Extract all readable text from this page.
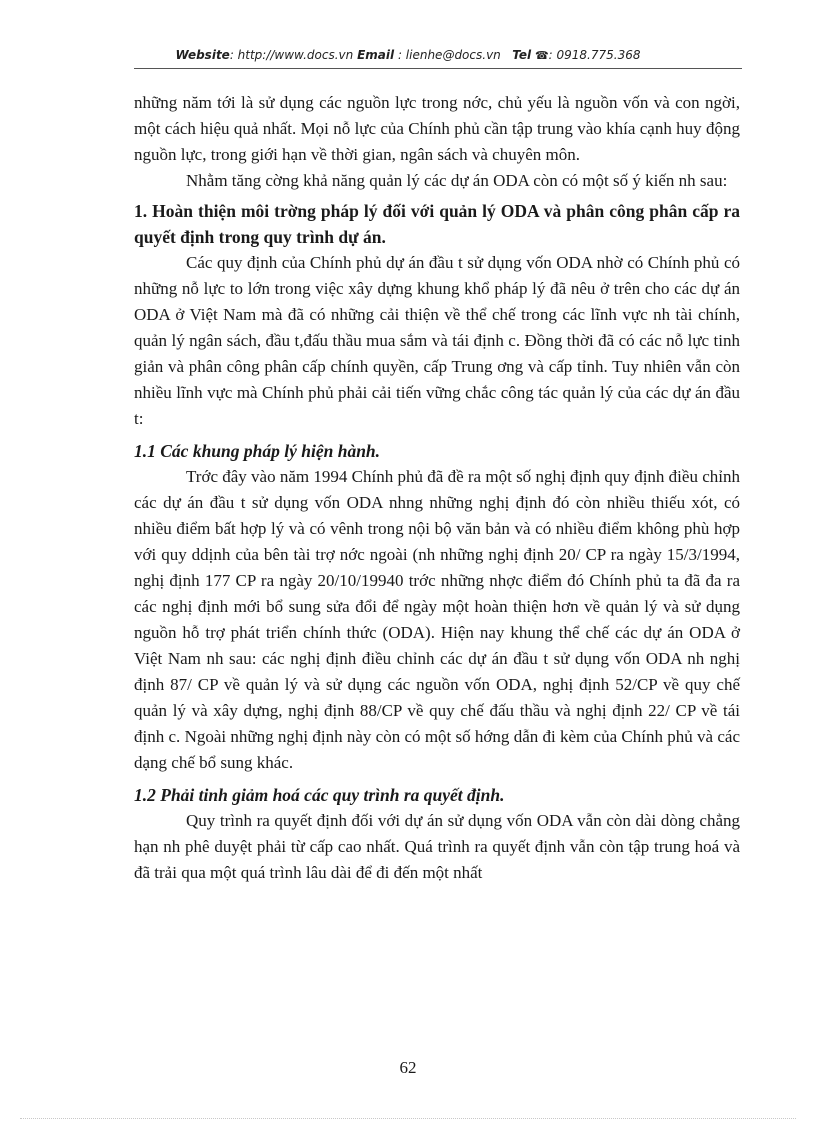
Website: http://www.docs.vn Email : lienhe@docs.vn Tel ☎: 0918.775.368

những năm tới là sử dụng các nguồn lực trong nớc, chủ yếu là nguồn vốn và con ngời, một cách hiệu quả nhất. Mọi nỗ lực của Chính phủ cần tập trung vào khía cạnh huy động nguồn lực, trong giới hạn về thời gian, ngân sách và chuyên môn.

Nhằm tăng cờng khả năng quản lý các dự án ODA còn có một số ý kiến nh sau:

1. Hoàn thiện môi trờng pháp lý đối với quản lý ODA và phân công phân cấp ra quyết định trong quy trình dự án.

Các quy định của Chính phủ dự án đầu t sử dụng vốn ODA nhờ có Chính phủ có những nỗ lực to lớn trong việc xây dựng khung khổ pháp lý đã nêu ở trên cho các dự án ODA ở Việt Nam mà đã có những cải thiện về thể chế trong các lĩnh vực nh tài chính, quản lý ngân sách, đầu t,đấu thầu mua sắm và tái định c. Đồng thời đã có các nỗ lực tinh giản và phân công phân cấp chính quyền, cấp Trung ơng và cấp tỉnh. Tuy nhiên vẫn còn nhiều lĩnh vực mà Chính phủ phải cải tiến vững chắc công tác quản lý của các dự án đầu t:

1.1 Các khung pháp lý hiện hành.

Trớc đây vào năm 1994 Chính phủ đã đề ra một số nghị định quy định điều chỉnh các dự án đầu t sử dụng vốn ODA nhng những nghị định đó còn nhiều thiếu xót, có nhiều điểm bất hợp lý và có vênh trong nội bộ văn bản và có nhiều điểm không phù hợp với quy ddịnh của bên tài trợ nớc ngoài (nh những nghị định 20/ CP ra ngày 15/3/1994, nghị định 177 CP ra ngày 20/10/19940 trớc những nhợc điểm đó Chính phủ ta đã đa ra các nghị định mới bổ sung sửa đổi để ngày một hoàn thiện hơn về quản lý và sử dụng nguồn hỗ trợ phát triển chính thức (ODA). Hiện nay khung thể chế các dự án ODA ở Việt Nam nh sau: các nghị định điều chỉnh các dự án đầu t sử dụng vốn ODA nh nghị định 87/ CP về quản lý và sử dụng các nguồn vốn ODA, nghị định 52/CP về quy chế quản lý và xây dựng, nghị định 88/CP về quy chế đấu thầu và nghị định 22/ CP về tái định c. Ngoài những nghị định này còn có một số hớng dẫn đi kèm của Chính phủ và các dạng chế bổ sung khác.

1.2 Phải tinh giảm hoá các quy trình ra quyết định.

Quy trình ra quyết định đối với dự án sử dụng vốn ODA vẫn còn dài dòng chẳng hạn nh phê duyệt phải từ cấp cao nhất. Quá trình ra quyết định vẫn còn tập trung hoá và đã trải qua một quá trình lâu dài để đi đến một nhất

62
